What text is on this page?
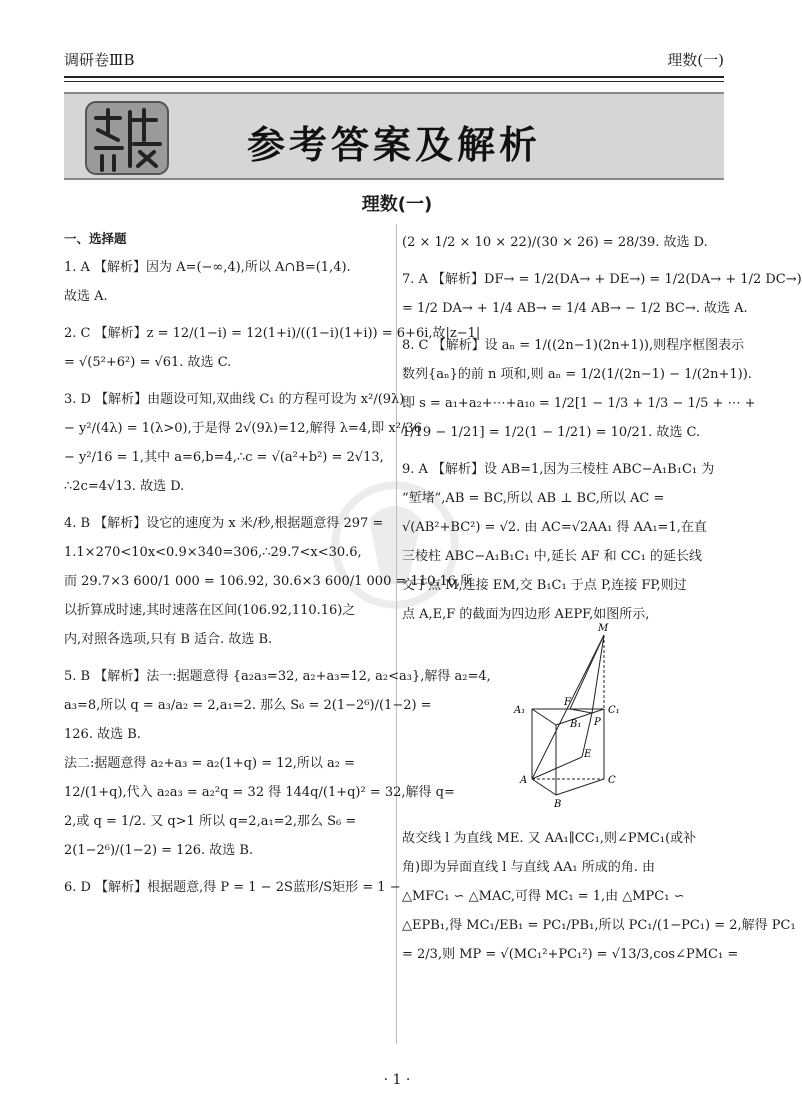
调研卷ⅢB	理数(一)
参考答案及解析
理数(一)
一、选择题
1. A 【解析】因为 A=(−∞,4),所以 A∩B=(1,4).
故选 A.
2. C 【解析】z = 12/(1−i) = 12(1+i)/((1−i)(1+i)) = 6+6i,故|z−1|
= √(5²+6²) = √61. 故选 C.
3. D 【解析】由题设可知,双曲线 C₁ 的方程可设为 x²/(9λ)
− y²/(4λ) = 1(λ>0),于是得 2√(9λ)=12,解得 λ=4,即 x²/36
− y²/16 = 1,其中 a=6,b=4,∴c = √(a²+b²) = 2√13,
∴2c=4√13. 故选 D.
4. B 【解析】设它的速度为 x 米/秒,根据题意得 297 =
1.1×270<10x<0.9×340=306,∴29.7<x<30.6,
而 29.7×3 600/1 000 = 106.92, 30.6×3 600/1 000 = 110.16,所
以折算成时速,其时速落在区间(106.92,110.16)之
内,对照各选项,只有 B 适合. 故选 B.
5. B 【解析】法一:据题意得 {a₂a₃=32, a₂+a₃=12, a₂<a₃},解得 a₂=4,
a₃=8,所以 q = a₃/a₂ = 2,a₁=2. 那么 S₆ = 2(1−2⁶)/(1−2) =
126. 故选 B.
法二:据题意得 a₂+a₃ = a₂(1+q) = 12,所以 a₂ =
12/(1+q),代入 a₂a₃ = a₂²q = 32 得 144q/(1+q)² = 32,解得 q=
2,或 q = 1/2. 又 q>1 所以 q=2,a₁=2,那么 S₆ =
2(1−2⁶)/(1−2) = 126. 故选 B.
6. D 【解析】根据题意,得 P = 1 − 2S蓝形/S矩形 = 1 −
(2 × 1/2 × 10 × 22)/(30 × 26) = 28/39. 故选 D.
7. A 【解析】DF→ = 1/2(DA→ + DE→) = 1/2(DA→ + 1/2 DC→)
= 1/2 DA→ + 1/4 AB→ = 1/4 AB→ − 1/2 BC→. 故选 A.
8. C 【解析】设 aₙ = 1/((2n−1)(2n+1)),则程序框图表示
数列{aₙ}的前 n 项和,则 aₙ = 1/2(1/(2n−1) − 1/(2n+1)).
即 s = a₁+a₂+⋯+a₁₀ = 1/2[1 − 1/3 + 1/3 − 1/5 + ⋯ +
1/19 − 1/21] = 1/2(1 − 1/21) = 10/21. 故选 C.
9. A 【解析】设 AB=1,因为三棱柱 ABC−A₁B₁C₁ 为
“堑堵”,AB = BC,所以 AB ⊥ BC,所以 AC =
√(AB²+BC²) = √2. 由 AC=√2AA₁ 得 AA₁=1,在直
三棱柱 ABC−A₁B₁C₁ 中,延长 AF 和 CC₁ 的延长线
交于点 M,连接 EM,交 B₁C₁ 于点 P,连接 FP,则过
点 A,E,F 的截面为四边形 AEPF,如图所示,
M
A₁
F
C₁
B₁ P
E
A	C
B
故交线 l 为直线 ME. 又 AA₁∥CC₁,则∠PMC₁(或补
角)即为异面直线 l 与直线 AA₁ 所成的角. 由
△MFC₁ ∽ △MAC,可得 MC₁ = 1,由 △MPC₁ ∽
△EPB₁,得 MC₁/EB₁ = PC₁/PB₁,所以 PC₁/(1−PC₁) = 2,解得 PC₁
= 2/3,则 MP = √(MC₁²+PC₁²) = √13/3,cos∠PMC₁ =
· 1 ·
